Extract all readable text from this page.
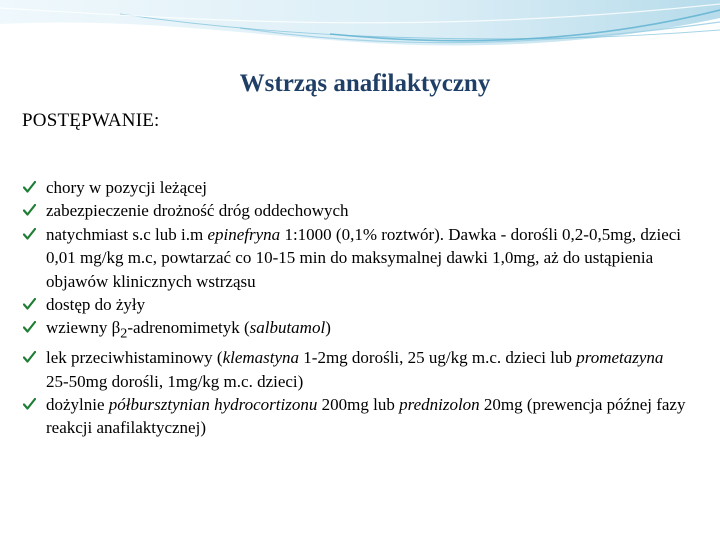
Wstrząs anafilaktyczny
POSTĘPWANIE:
chory w pozycji leżącej
zabezpieczenie drożność dróg oddechowych
natychmiast s.c lub i.m epinefryna 1:1000 (0,1% roztwór). Dawka - dorośli 0,2-0,5mg, dzieci 0,01 mg/kg m.c, powtarzać co 10-15 min do maksymalnej dawki 1,0mg, aż do ustąpienia objawów klinicznych wstrząsu
dostęp do żyły
wziewny $\beta_2$-adrenomimetyk (salbutamol)
lek przeciwhistaminowy (klemastyna 1-2mg dorośli, 25 ug/kg m.c. dzieci lub prometazyna 25-50mg dorośli, 1mg/kg m.c. dzieci)
dożylnie półbursztynian hydrocortizonu 200mg lub prednizolon 20mg (prewencja późnej fazy reakcji anafilaktycznej)
